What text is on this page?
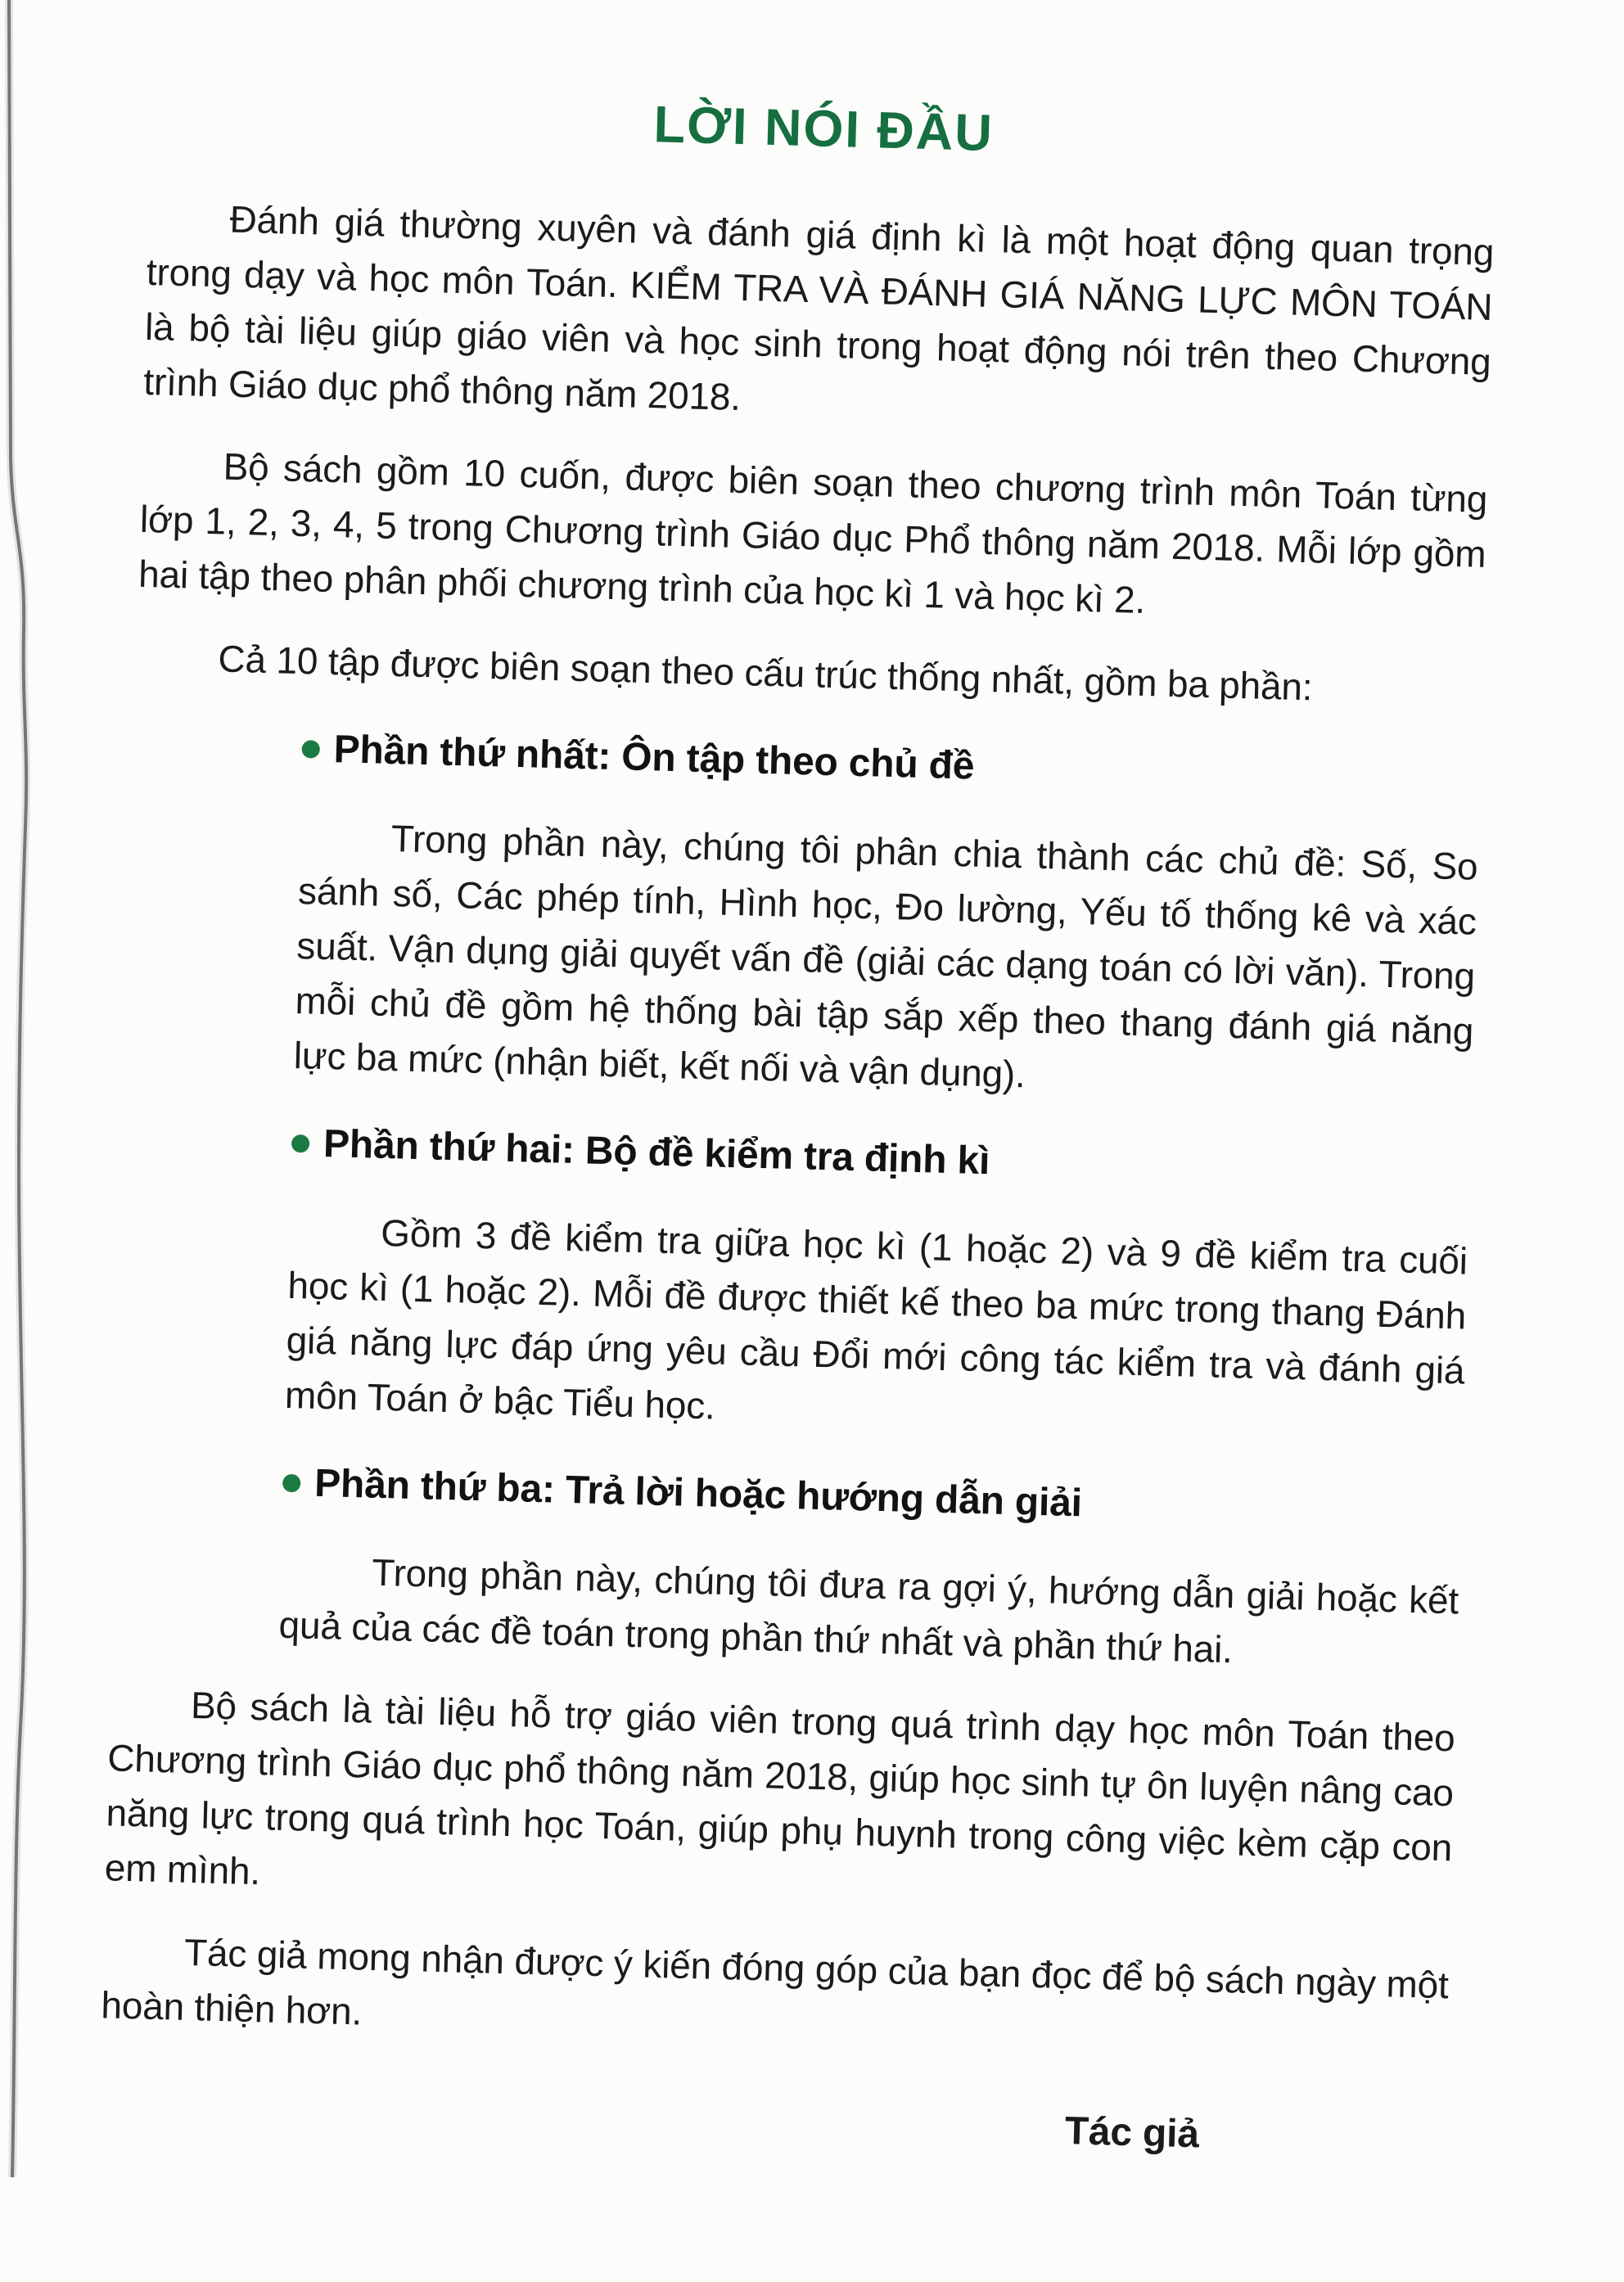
LỜI NÓI ĐẦU

Đánh giá thường xuyên và đánh giá định kì là một hoạt động quan trọng trong dạy và học môn Toán. KIỂM TRA VÀ ĐÁNH GIÁ NĂNG LỰC MÔN TOÁN là bộ tài liệu giúp giáo viên và học sinh trong hoạt động nói trên theo Chương trình Giáo dục phổ thông năm 2018.

Bộ sách gồm 10 cuốn, được biên soạn theo chương trình môn Toán từng lớp 1, 2, 3, 4, 5 trong Chương trình Giáo dục Phổ thông năm 2018. Mỗi lớp gồm hai tập theo phân phối chương trình của học kì 1 và học kì 2.

Cả 10 tập được biên soạn theo cấu trúc thống nhất, gồm ba phần:

Phần thứ nhất: Ôn tập theo chủ đề

Trong phần này, chúng tôi phân chia thành các chủ đề: Số, So sánh số, Các phép tính, Hình học, Đo lường, Yếu tố thống kê và xác suất. Vận dụng giải quyết vấn đề (giải các dạng toán có lời văn). Trong mỗi chủ đề gồm hệ thống bài tập sắp xếp theo thang đánh giá năng lực ba mức (nhận biết, kết nối và vận dụng).

Phần thứ hai: Bộ đề kiểm tra định kì

Gồm 3 đề kiểm tra giữa học kì (1 hoặc 2) và 9 đề kiểm tra cuối học kì (1 hoặc 2). Mỗi đề được thiết kế theo ba mức trong thang Đánh giá năng lực đáp ứng yêu cầu Đổi mới công tác kiểm tra và đánh giá môn Toán ở bậc Tiểu học.

Phần thứ ba: Trả lời hoặc hướng dẫn giải

Trong phần này, chúng tôi đưa ra gợi ý, hướng dẫn giải hoặc kết quả của các đề toán trong phần thứ nhất và phần thứ hai.

Bộ sách là tài liệu hỗ trợ giáo viên trong quá trình dạy học môn Toán theo Chương trình Giáo dục phổ thông năm 2018, giúp học sinh tự ôn luyện nâng cao năng lực trong quá trình học Toán, giúp phụ huynh trong công việc kèm cặp con em mình.

Tác giả mong nhận được ý kiến đóng góp của bạn đọc để bộ sách ngày một hoàn thiện hơn.

Tác giả
